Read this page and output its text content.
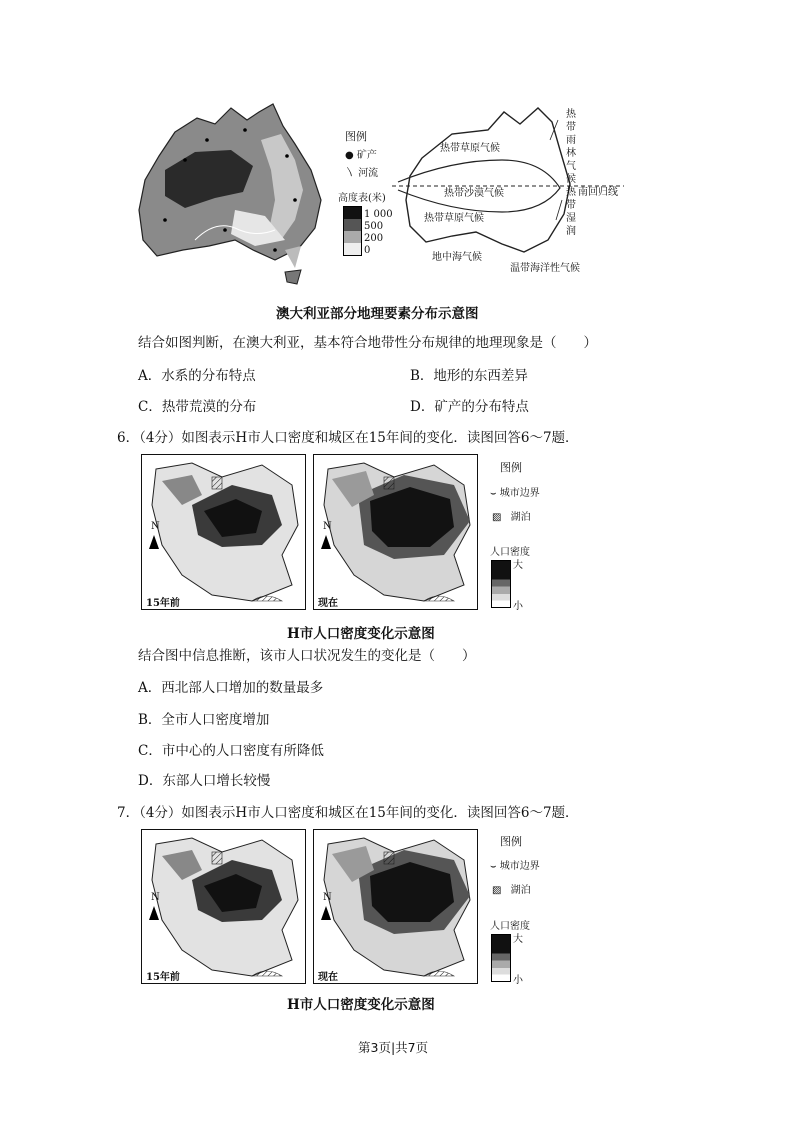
图例
● 矿产
〵 河流
高度表(米)
1 000
500
200
0
热带草原气候
热带沙漠气候
热带草原气候
地中海气候
温带海洋性气候
南回归线
热带雨林气候
热带湿润
澳大利亚部分地理要素分布示意图
结合如图判断，在澳大利亚，基本符合地带性分布规律的地理现象是（　　）
A．水系的分布特点	B．地形的东西差异
C．热带荒漠的分布	D．矿产的分布特点
6．（4分）如图表示H市人口密度和城区在15年间的变化．读图回答6～7题．
N
15年前
N
现在
图例
⌣ 城市边界
▨ 湖泊
人口密度
大
小
H市人口密度变化示意图
结合图中信息推断，该市人口状况发生的变化是（　　）
A．西北部人口增加的数量最多
B．全市人口密度增加
C．市中心的人口密度有所降低
D．东部人口增长较慢
7．（4分）如图表示H市人口密度和城区在15年间的变化．读图回答6～7题．
N
15年前
N
现在
图例
⌣ 城市边界
▨ 湖泊
人口密度
大
小
H市人口密度变化示意图
第3页|共7页
